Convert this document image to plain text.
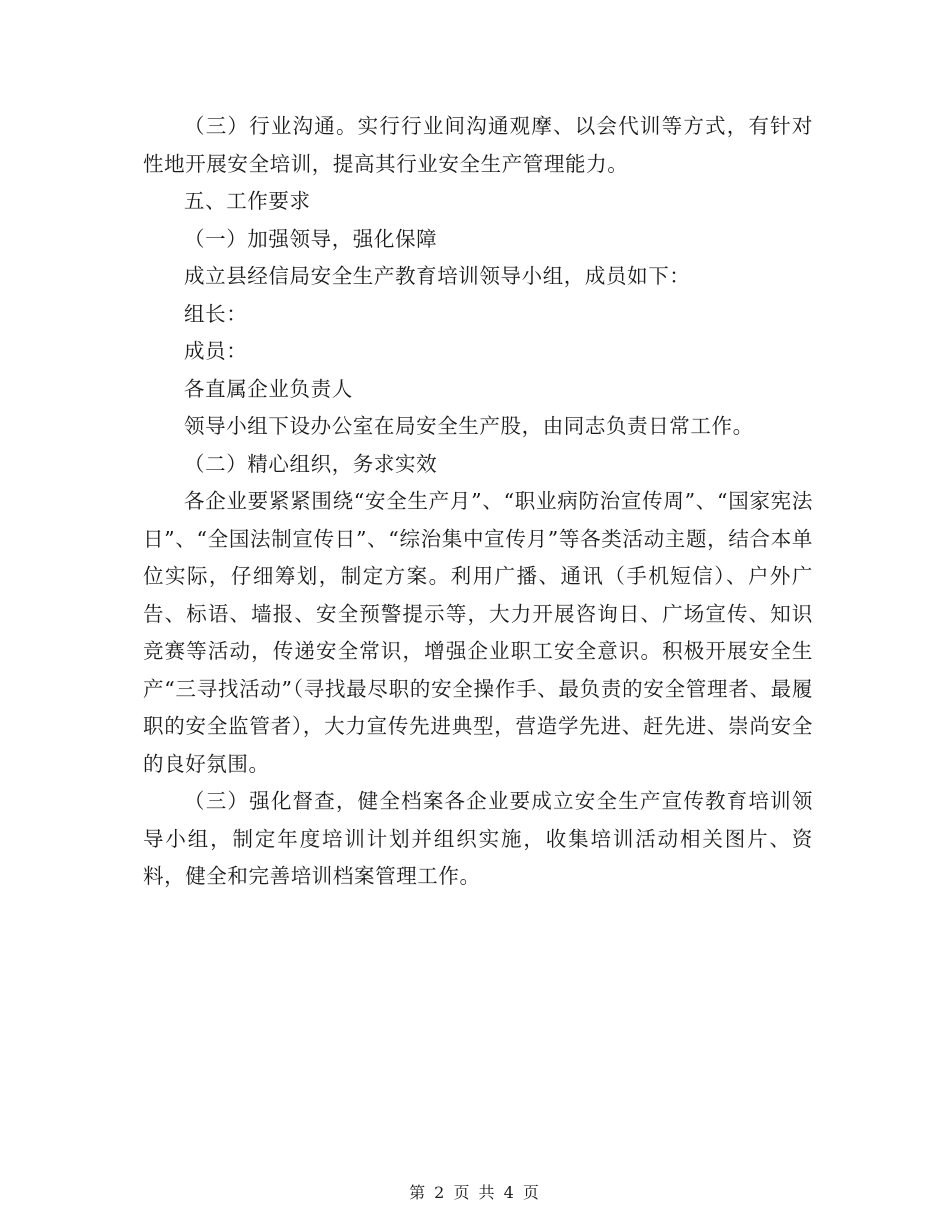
（三）行业沟通。实行行业间沟通观摩、以会代训等方式，有针对性地开展安全培训，提高其行业安全生产管理能力。

五、工作要求

（一）加强领导，强化保障

成立县经信局安全生产教育培训领导小组，成员如下：

组长：

成员：

各直属企业负责人

领导小组下设办公室在局安全生产股，由同志负责日常工作。

（二）精心组织，务求实效

各企业要紧紧围绕“安全生产月”、“职业病防治宣传周”、“国家宪法日”、“全国法制宣传日”、“综治集中宣传月”等各类活动主题，结合本单位实际，仔细筹划，制定方案。利用广播、通讯（手机短信）、户外广告、标语、墙报、安全预警提示等，大力开展咨询日、广场宣传、知识竞赛等活动，传递安全常识，增强企业职工安全意识。积极开展安全生产“三寻找活动”（寻找最尽职的安全操作手、最负责的安全管理者、最履职的安全监管者），大力宣传先进典型，营造学先进、赶先进、崇尚安全的良好氛围。

（三）强化督查，健全档案各企业要成立安全生产宣传教育培训领导小组，制定年度培训计划并组织实施，收集培训活动相关图片、资料，健全和完善培训档案管理工作。

第 2 页 共 4 页
